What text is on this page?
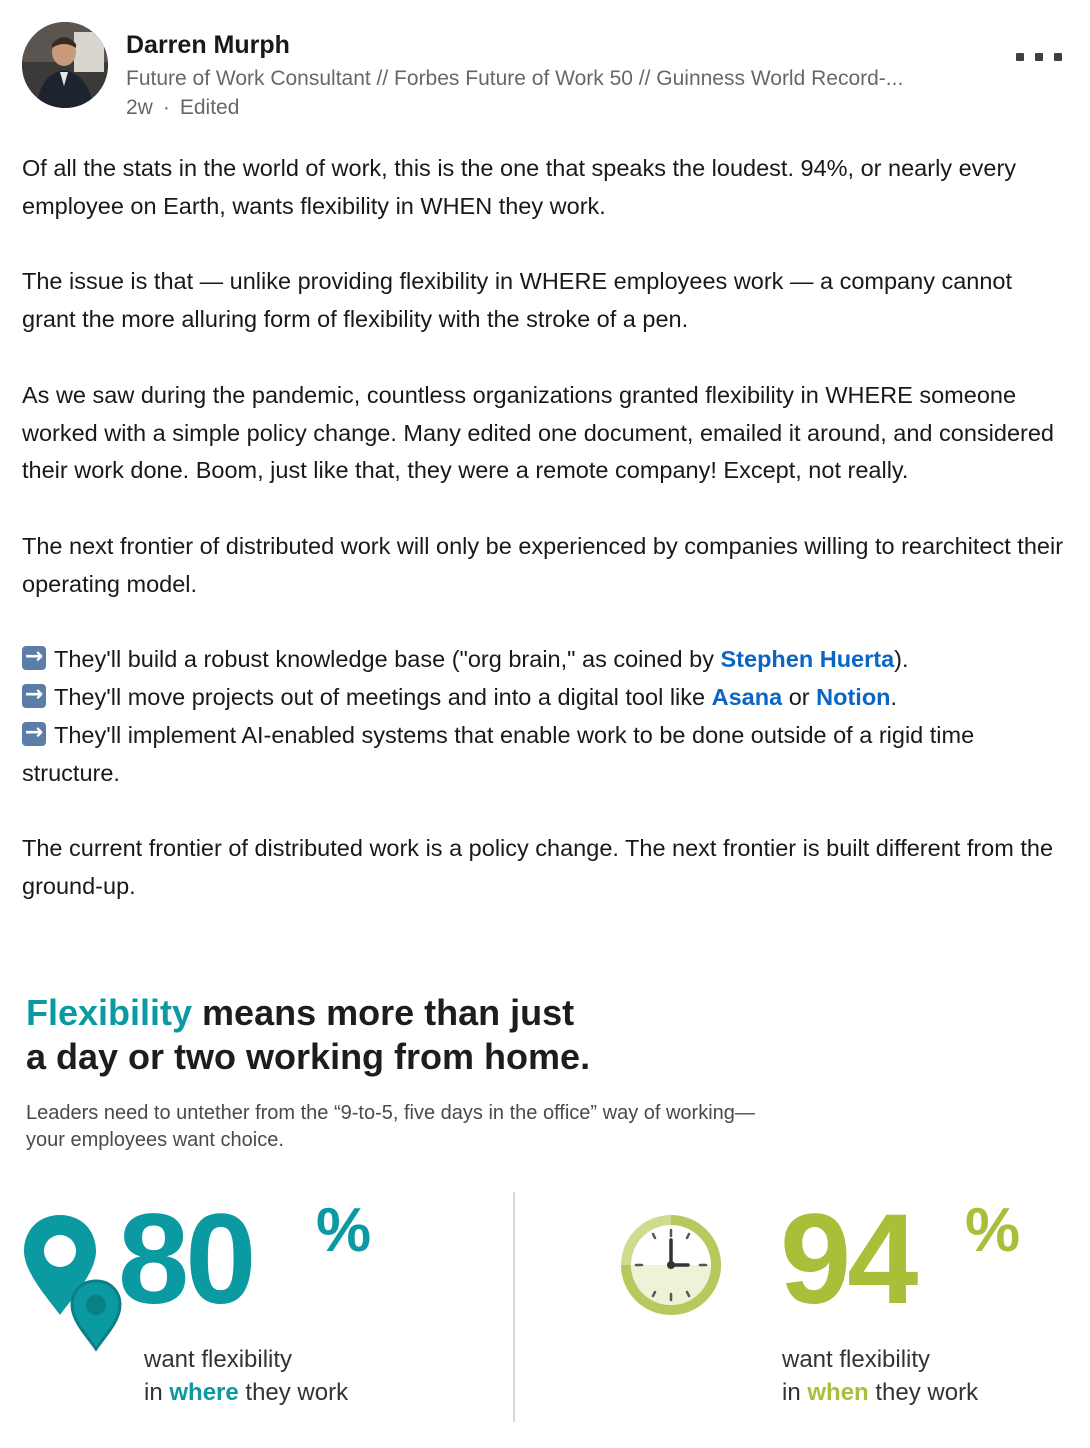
Darren Murph
Future of Work Consultant // Forbes Future of Work 50 // Guinness World Record-...
2w · Edited

Of all the stats in the world of work, this is the one that speaks the loudest. 94%, or nearly every employee on Earth, wants flexibility in WHEN they work.

The issue is that — unlike providing flexibility in WHERE employees work — a company cannot grant the more alluring form of flexibility with the stroke of a pen.

As we saw during the pandemic, countless organizations granted flexibility in WHERE someone worked with a simple policy change. Many edited one document, emailed it around, and considered their work done. Boom, just like that, they were a remote company! Except, not really.

The next frontier of distributed work will only be experienced by companies willing to rearchitect their operating model.

→They'll build a robust knowledge base ("org brain," as coined by Stephen Huerta).
→They'll move projects out of meetings and into a digital tool like Asana or Notion.
→They'll implement AI-enabled systems that enable work to be done outside of a rigid time structure.

The current frontier of distributed work is a policy change. The next frontier is built different from the ground-up.

Flexibility means more than just
a day or two working from home.
Leaders need to untether from the “9-to-5, five days in the office” way of working—
your employees want choice.
80 %
want flexibility
in where they work
94 %
want flexibility
in when they work
